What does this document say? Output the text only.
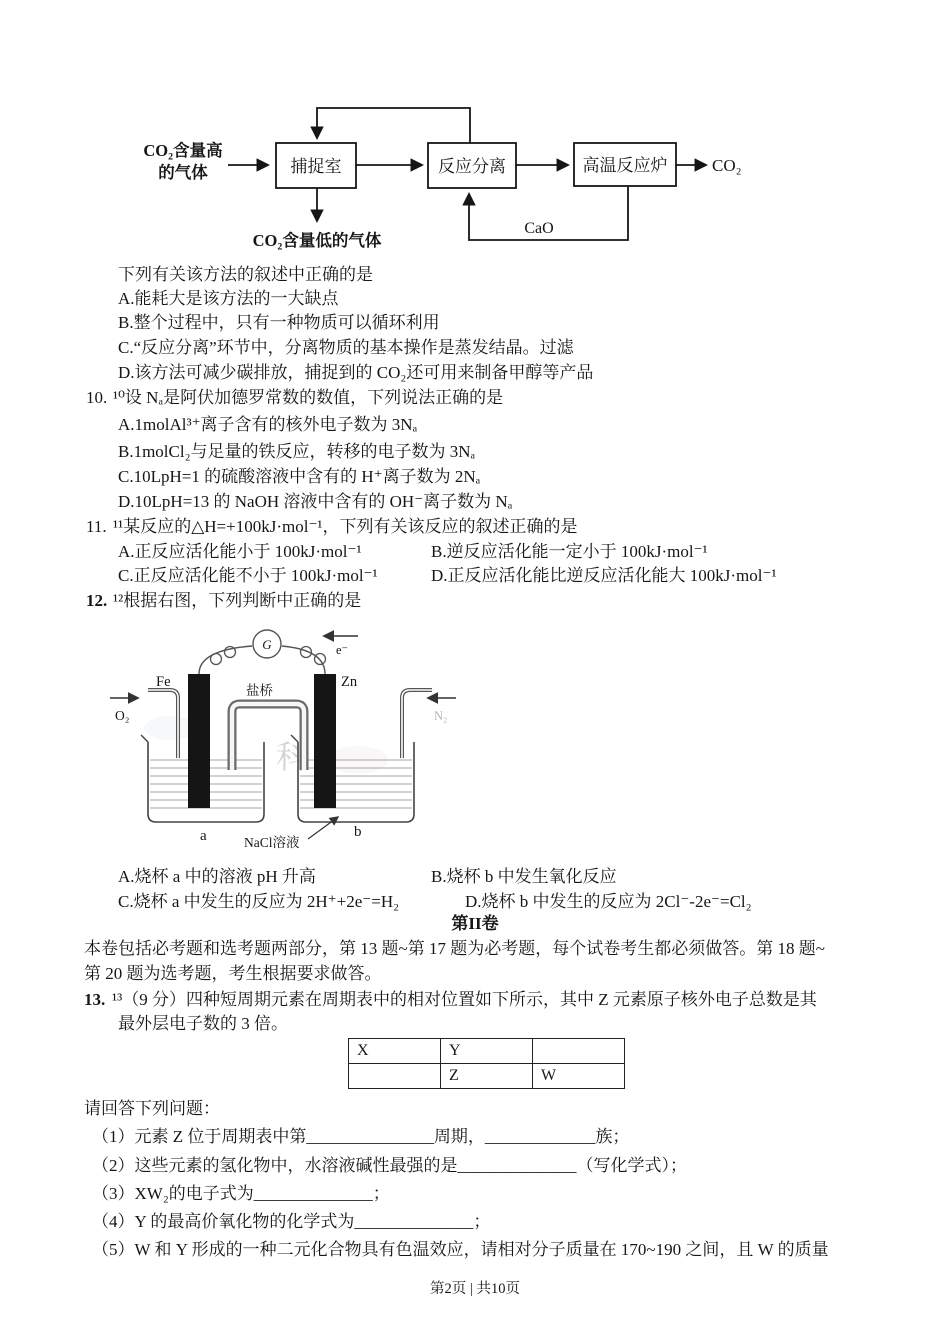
CO₂含量高
的气体	捕捉室	反应分离	高温反应炉	CO₂
CO₂含量低的气体
CaO
下列有关该方法的叙述中正确的是
A.能耗大是该方法的一大缺点
B.整个过程中，只有一种物质可以循环利用
C.“反应分离”环节中，分离物质的基本操作是蒸发结晶。过滤
D.该方法可减少碳排放，捕捉到的 CO₂还可用来制备甲醇等产品
10. ¹⁰设 Nₐ是阿伏加德罗常数的数值，下列说法正确的是
A.1molAl³⁺离子含有的核外电子数为 3Nₐ
B.1molCl₂与足量的铁反应，转移的电子数为 3Nₐ
C.10LpH=1 的硫酸溶液中含有的 H⁺离子数为 2Nₐ
D.10LpH=13 的 NaOH 溶液中含有的 OH⁻离子数为 Nₐ
11. ¹¹某反应的△H=+100kJ·mol⁻¹，下列有关该反应的叙述正确的是
A.正反应活化能小于 100kJ·mol⁻¹	B.逆反应活化能一定小于 100kJ·mol⁻¹
C.正反应活化能不小于 100kJ·mol⁻¹	D.正反应活化能比逆反应活化能大 100kJ·mol⁻¹
12. ¹²根据右图，下列判断中正确的是
科
盐桥
O₂	N₂
Fe	Zn
G	e⁻
a	b
NaCl溶液
A.烧杯 a 中的溶液 pH 升高	B.烧杯 b 中发生氧化反应
C.烧杯 a 中发生的反应为 2H⁺+2e⁻=H₂	D.烧杯 b 中发生的反应为 2Cl⁻-2e⁻=Cl₂
第II卷
本卷包括必考题和选考题两部分，第 13 题~第 17 题为必考题，每个试卷考生都必须做答。第 18 题~
第 20 题为选考题，考生根据要求做答。
13. ¹³（9 分）四种短周期元素在周期表中的相对位置如下所示，其中 Z 元素原子核外电子总数是其
最外层电子数的 3 倍。
X	Y	
	Z	W
请回答下列问题：
（1）元素 Z 位于周期表中第_______________周期，_____________族；
（2）这些元素的氢化物中，水溶液碱性最强的是______________（写化学式）；
（3）XW₂的电子式为______________；
（4）Y 的最高价氧化物的化学式为______________；
（5）W 和 Y 形成的一种二元化合物具有色温效应，请相对分子质量在 170~190 之间，且 W 的质量
第2页 | 共10页
